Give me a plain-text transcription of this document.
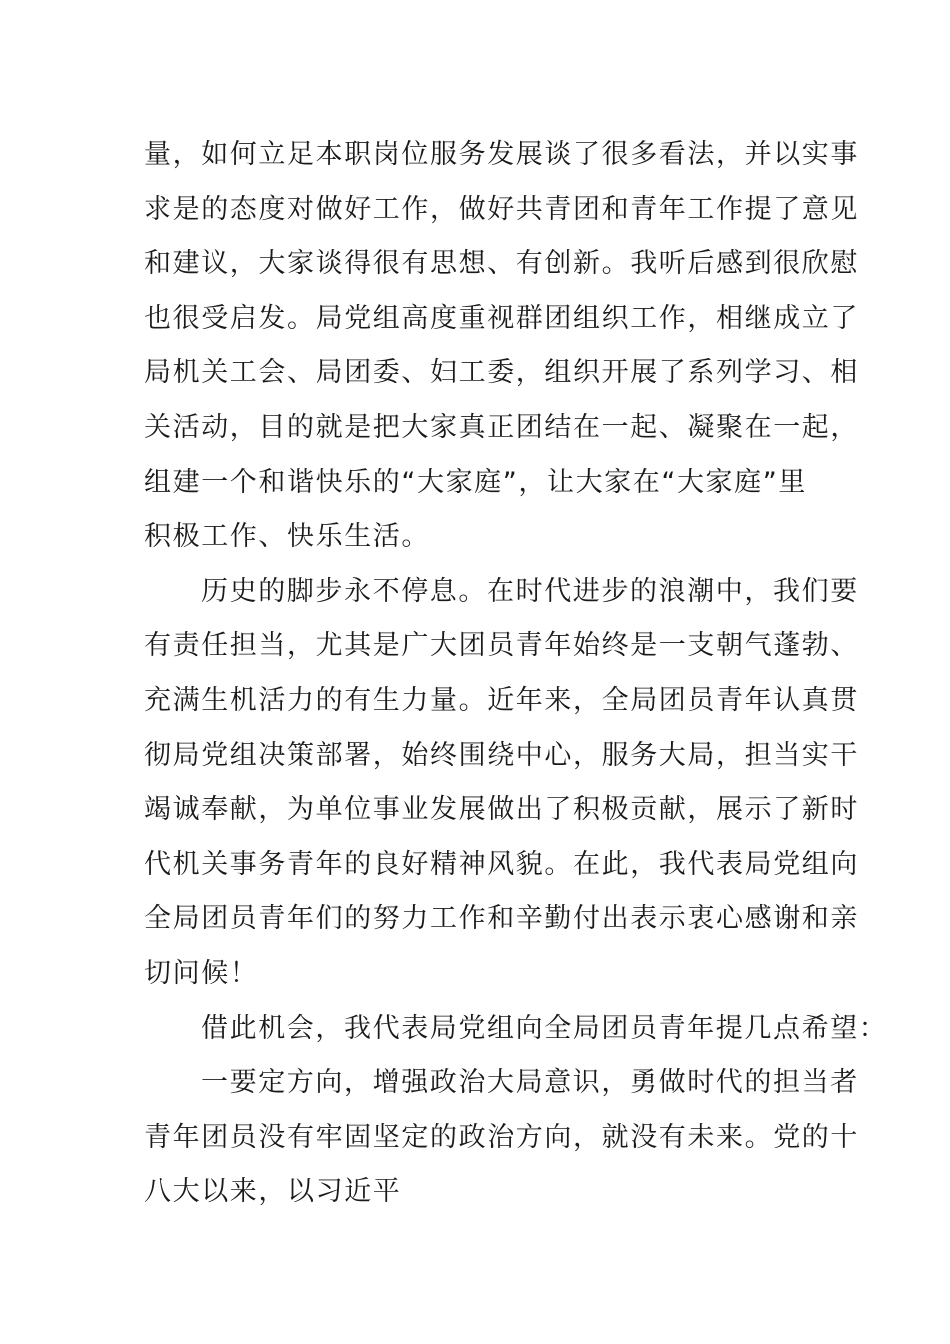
量，如何立足本职岗位服务发展谈了很多看法，并以实事
求是的态度对做好工作，做好共青团和青年工作提了意见
和建议，大家谈得很有思想、有创新。我听后感到很欣慰
也很受启发。局党组高度重视群团组织工作，相继成立了
局机关工会、局团委、妇工委，组织开展了系列学习、相
关活动，目的就是把大家真正团结在一起、凝聚在一起，
组建一个和谐快乐的“大家庭”，让大家在“大家庭”里
积极工作、快乐生活。
历史的脚步永不停息。在时代进步的浪潮中，我们要
有责任担当，尤其是广大团员青年始终是一支朝气蓬勃、
充满生机活力的有生力量。近年来，全局团员青年认真贯
彻局党组决策部署，始终围绕中心，服务大局，担当实干
竭诚奉献，为单位事业发展做出了积极贡献，展示了新时
代机关事务青年的良好精神风貌。在此，我代表局党组向
全局团员青年们的努力工作和辛勤付出表示衷心感谢和亲
切问候！
借此机会，我代表局党组向全局团员青年提几点希望：
一要定方向，增强政治大局意识，勇做时代的担当者
青年团员没有牢固坚定的政治方向，就没有未来。党的十
八大以来，以习近平
